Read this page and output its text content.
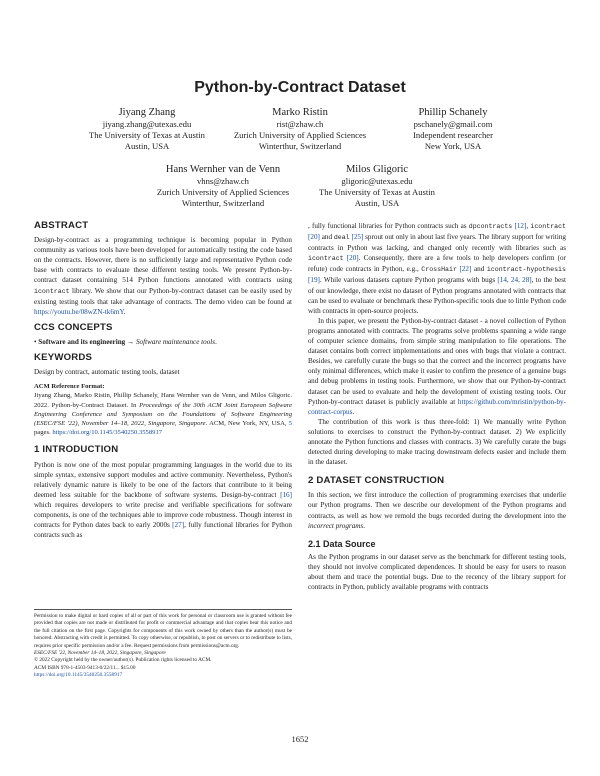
Python-by-Contract Dataset
Jiyang Zhang
jiyang.zhang@utexas.edu
The University of Texas at Austin
Austin, USA
Marko Ristin
rist@zhaw.ch
Zurich University of Applied Sciences
Winterthur, Switzerland
Phillip Schanely
pschanely@gmail.com
Independent researcher
New York, USA
Hans Wernher van de Venn
vhns@zhaw.ch
Zurich University of Applied Sciences
Winterthur, Switzerland
Milos Gligoric
gligoric@utexas.edu
The University of Texas at Austin
Austin, USA
ABSTRACT

Design-by-contract as a programming technique is becoming popular in Python community as various tools have been developed for automatically testing the code based on the contracts. However, there is no sufficiently large and representative Python code base with contracts to evaluate these different testing tools. We present Python-by-contract dataset containing 514 Python functions annotated with contracts using icontract library. We show that our Python-by-contract dataset can be easily used by existing testing tools that take advantage of contracts. The demo video can be found at https://youtu.be/08wZN-tk6mY.

CCS CONCEPTS

• Software and its engineering → Software maintenance tools.

KEYWORDS

Design by contract, automatic testing tools, dataset

ACM Reference Format:
Jiyang Zhang, Marko Ristin, Phillip Schanely, Hans Wernher van de Venn, and Milos Gligoric. 2022. Python-by-Contract Dataset. In Proceedings of the 30th ACM Joint European Software Engineering Conference and Symposium on the Foundations of Software Engineering (ESEC/FSE '22), November 14–18, 2022, Singapore, Singapore. ACM, New York, NY, USA, 5 pages. https://doi.org/10.1145/3540250.3558917

1 INTRODUCTION

Python is now one of the most popular programming languages in the world due to its simple syntax, extensive support modules and active community. Nevertheless, Python's relatively dynamic nature is likely to be one of the factors that contribute to it being deemed less suitable for the backbone of software systems. Design-by-contract [16] which requires developers to write precise and verifiable specifications for software components, is one of the techniques able to improve code robustness. Though interest in contracts for Python dates back to early 2000s [27], fully functional libraries for Python contracts such as

Permission to make digital or hard copies of all or part of this work for personal or classroom use is granted without fee provided that copies are not made or distributed for profit or commercial advantage and that copies bear this notice and the full citation on the first page. Copyrights for components of this work owned by others than the author(s) must be honored. Abstracting with credit is permitted. To copy otherwise, or republish, to post on servers or to redistribute to lists, requires prior specific permission and/or a fee. Request permissions from permissions@acm.org.
ESEC/FSE '22, November 14–18, 2022, Singapore, Singapore
© 2022 Copyright held by the owner/author(s). Publication rights licensed to ACM.
ACM ISBN 978-1-4503-9413-0/22/11... $15.00
https://doi.org/10.1145/3540250.3558917

, fully functional libraries for Python contracts such as dpcontracts [12], icontract [20] and deal [25] sprout out only in about last five years. The library support for writing contracts in Python was lacking, and changed only recently with libraries such as icontract [20]. Consequently, there are a few tools to help developers confirm (or refute) code contracts in Python, e.g., CrossHair [22] and icontract-hypothesis [19]. While various datasets capture Python programs with bugs [14, 24, 28], to the best of our knowledge, there exist no dataset of Python programs annotated with contracts that can be used to evaluate or benchmark these Python-specific tools due to little Python code with contracts in open-source projects.

In this paper, we present the Python-by-contract dataset - a novel collection of Python programs annotated with contracts. The programs solve problems spanning a wide range of computer science domains, from simple string manipulation to file operations. The dataset contains both correct implementations and ones with bugs that violate a contract. Besides, we carefully curate the bugs so that the correct and the incorrect programs have only minimal differences, which make it easier to confirm the presence of a genuine bugs and debug problems in testing tools. Furthermore, we show that our Python-by-contract dataset can be used to evaluate and help the development of existing testing tools. Our Python-by-contract dataset is publicly available at https://github.com/mristin/python-by-contract-corpus.

The contribution of this work is thus three-fold: 1) We manually write Python solutions to exercises to construct the Python-by-contract dataset. 2) We explicitly annotate the Python functions and classes with contracts. 3) We carefully curate the bugs detected during developing to make tracing downstream defects easier and include them in the dataset.

2 DATASET CONSTRUCTION

In this section, we first introduce the collection of programming exercises that underlie our Python programs. Then we describe our development of the Python programs and contracts, as well as how we remold the bugs recorded during the development into the incorrect programs.

2.1 Data Source

As the Python programs in our dataset serve as the benchmark for different testing tools, they should not involve complicated dependences. It should be easy for users to reason about them and trace the potential bugs. Due to the recency of the library support for contracts in Python, publicly available programs with contracts

1652
